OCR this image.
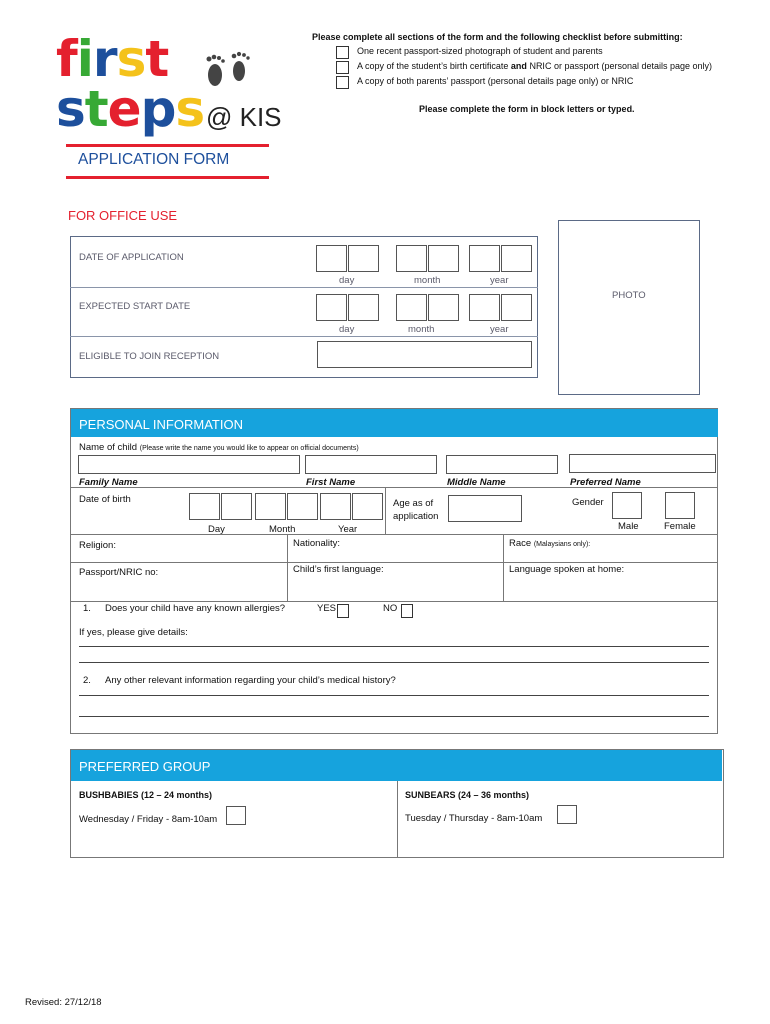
first
steps @ KIS
Please complete all sections of the form and the following checklist before submitting:
One recent passport-sized photograph of student and parents
A copy of the student’s birth certificate and NRIC or passport (personal details page only)
A copy of both parents’ passport (personal details page only) or NRIC
Please complete the form in block letters or typed.
APPLICATION FORM
FOR OFFICE USE
DATE OF APPLICATION
day	month	year
EXPECTED START DATE
day	month	year
ELIGIBLE TO JOIN RECEPTION
PHOTO
PERSONAL INFORMATION
Name of child (Please write the name you would like to appear on official documents)
Family Name	First Name	Middle Name	Preferred Name
Date of birth
Day	Month	Year
Age as of
application
Gender
Male	Female
Religion:	Nationality:	Race (Malaysians only):
Passport/NRIC no:	Child’s first language:	Language spoken at home:
1. Does your child have any known allergies?	YES	NO
If yes, please give details:
2. Any other relevant information regarding your child’s medical history?
PREFERRED GROUP
BUSHBABIES (12 – 24 months)
Wednesday / Friday - 8am-10am
SUNBEARS (24 – 36 months)
Tuesday / Thursday - 8am-10am
Revised: 27/12/18
